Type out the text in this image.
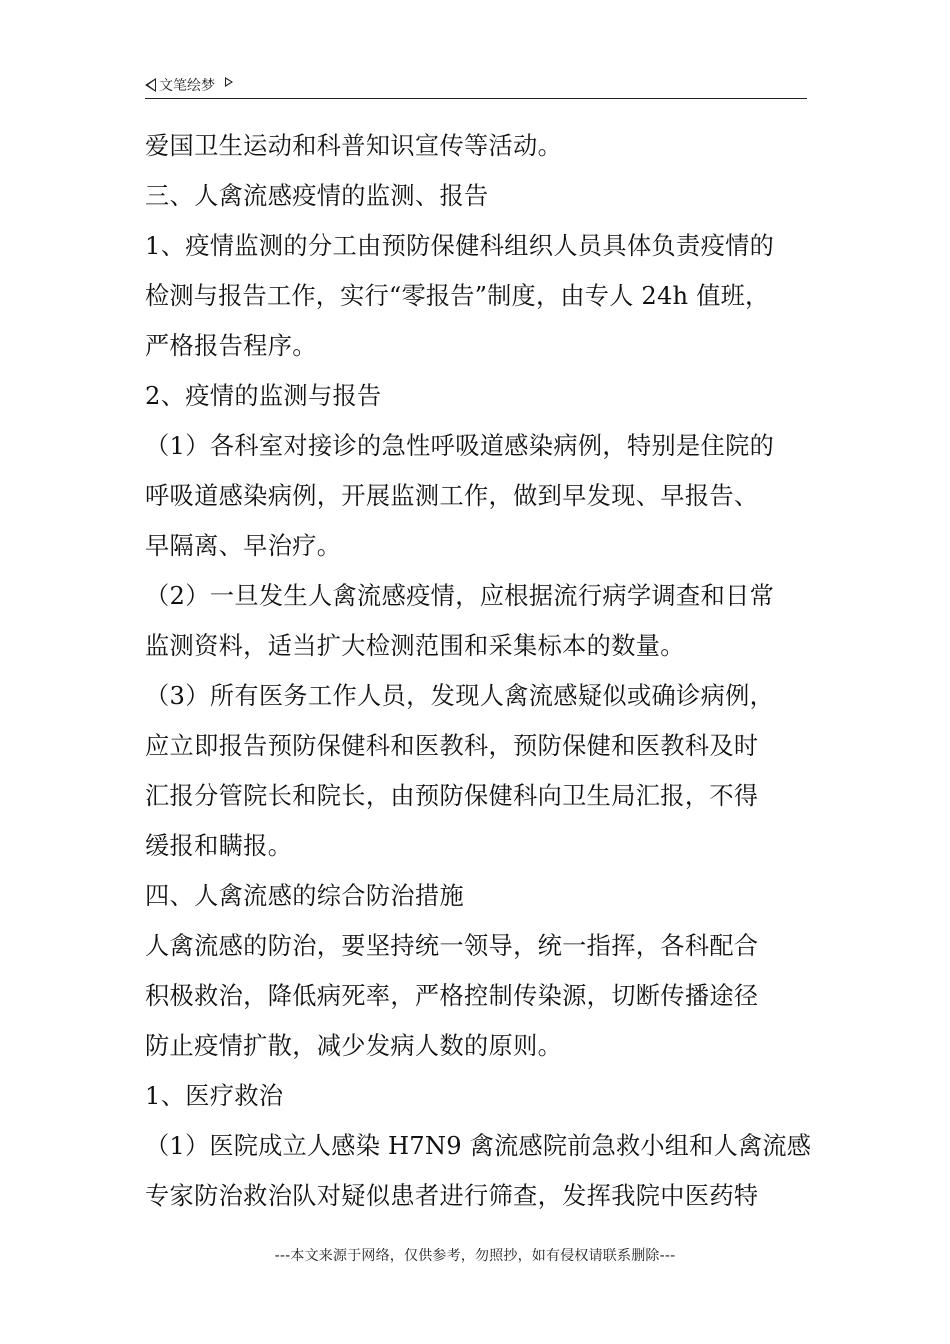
文笔绘梦
爱国卫生运动和科普知识宣传等活动。
三、人禽流感疫情的监测、报告
1、疫情监测的分工由预防保健科组织人员具体负责疫情的
检测与报告工作，实行“零报告”制度，由专人 24h 值班，
严格报告程序。
2、疫情的监测与报告
（1）各科室对接诊的急性呼吸道感染病例，特别是住院的
呼吸道感染病例，开展监测工作，做到早发现、早报告、
早隔离、早治疗。
（2）一旦发生人禽流感疫情，应根据流行病学调查和日常
监测资料，适当扩大检测范围和采集标本的数量。
（3）所有医务工作人员，发现人禽流感疑似或确诊病例，
应立即报告预防保健科和医教科，预防保健和医教科及时
汇报分管院长和院长，由预防保健科向卫生局汇报，不得
缓报和瞒报。
四、人禽流感的综合防治措施
人禽流感的防治，要坚持统一领导，统一指挥，各科配合
积极救治，降低病死率，严格控制传染源，切断传播途径
防止疫情扩散，减少发病人数的原则。
1、医疗救治
（1）医院成立人感染 H7N9 禽流感院前急救小组和人禽流感
专家防治救治队对疑似患者进行筛查，发挥我院中医药特
---本文来源于网络，仅供参考，勿照抄，如有侵权请联系删除---
